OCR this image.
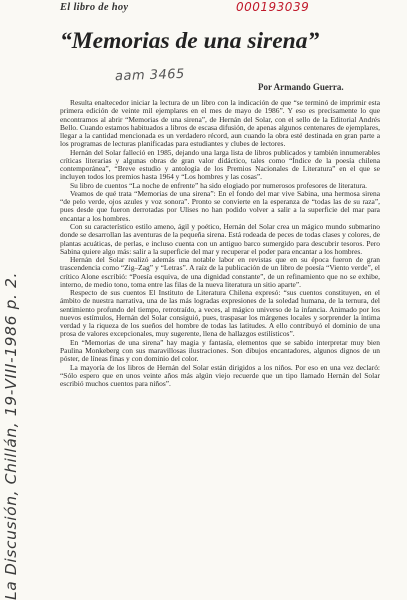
El libro de hoy	000193039
“Memorias de una sirena”
aam 3465
Por Armando Guerra.

Resulta enaltecedor iniciar la lectura de un libro con la indicación de que “se terminó de imprimir esta primera edición de veinte mil ejemplares en el mes de mayo de 1986”. Y eso es precisamente lo que encontramos al abrir “Memorias de una sirena”, de Hernán del Solar, con el sello de la Editorial Andrés Bello. Cuando estamos habituados a libros de escasa difusión, de apenas algunos centenares de ejemplares, llegar a la cantidad mencionada es un verdadero récord, aun cuando la obra esté destinada en gran parte a los programas de lecturas planificadas para estudiantes y clubes de lectores.

Hernán del Solar falleció en 1985, dejando una larga lista de libros publicados y también innumerables críticas literarias y algunas obras de gran valor didáctico, tales como “Índice de la poesía chilena contemporánea”, “Breve estudio y antología de los Premios Nacionales de Literatura” en el que se incluyen todos los premios hasta 1964 y “Los hombres y las cosas”.

Su libro de cuentos “La noche de enfrente” ha sido elogiado por numerosos profesores de literatura.

Veamos de qué trata “Memorias de una sirena”: En el fondo del mar vive Sabina, una hermosa sirena “de pelo verde, ojos azules y voz sonora”. Pronto se convierte en la esperanza de “todas las de su raza”, pues desde que fueron derrotadas por Ulises no han podido volver a salir a la superficie del mar para encantar a los hombres.

Con su característico estilo ameno, ágil y poético, Hernán del Solar crea un mágico mundo submarino donde se desarrollan las aventuras de la pequeña sirena. Está rodeada de peces de todas clases y colores, de plantas acuáticas, de perlas, e incluso cuenta con un antiguo barco sumergido para descubrir tesoros. Pero Sabina quiere algo más: salir a la superficie del mar y recuperar el poder para encantar a los hombres.

Hernán del Solar realizó además una notable labor en revistas que en su época fueron de gran trascendencia como “Zig–Zag” y “Letras”. A raíz de la publicación de un libro de poesía “Viento verde”, el crítico Alone escribió: “Poesía esquiva, de una dignidad constante”, de un refinamiento que no se exhibe, interno, de medio tono, toma entre las filas de la nueva literatura un sitio aparte”.

Respecto de sus cuentos El Instituto de Literatura Chilena expresó: “sus cuentos constituyen, en el ámbito de nuestra narrativa, una de las más logradas expresiones de la soledad humana, de la ternura, del sentimiento profundo del tiempo, retrotraído, a veces, al mágico universo de la infancia. Animado por los nuevos estímulos, Hernán del Solar consiguió, pues, traspasar los márgenes locales y sorprender la íntima verdad y la riqueza de los sueños del hombre de todas las latitudes. A ello contribuyó el dominio de una prosa de valores excepcionales, muy sugerente, llena de hallazgos estilísticos”.

En “Memorias de una sirena” hay magia y fantasía, elementos que se sabido interpretar muy bien Paulina Monkeberg con sus maravillosas ilustraciones. Son dibujos encantadores, algunos dignos de un póster, de líneas finas y con dominio del color.

La mayoría de los libros de Hernán del Solar están dirigidos a los niños. Por eso en una vez declaró: “Sólo espero que en unos veinte años más algún viejo recuerde que un tipo llamado Hernán del Solar escribió muchos cuentos para niños”.

La Discusión, Chillán, 19-VIII-1986 p. 2.
